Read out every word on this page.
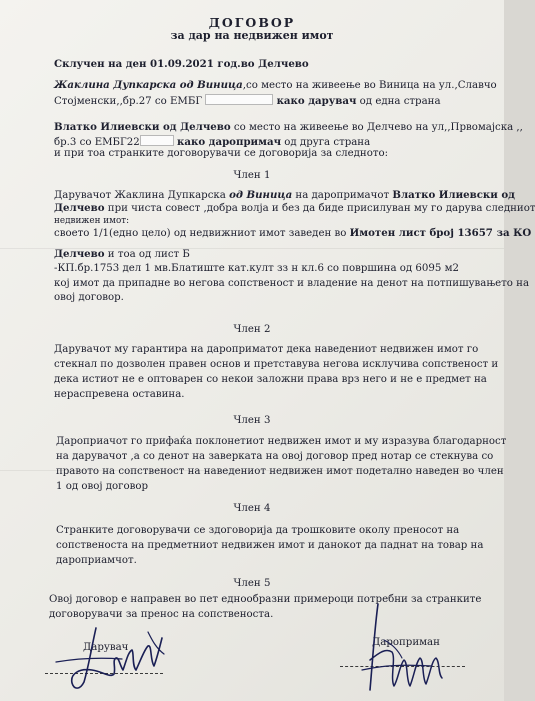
ДОГОВОР
за дар на недвижен имот
Склучен на ден 01.09.2021 год.во Делчево
Жаклина Дупкарска од Виница,со место на живеење во Виница на ул.,Славчо
Стојменски,,бр.27 со ЕМБГ	како дарувач од една страна
Влатко Илиевски од Делчево со место на живеење во Делчево на ул,,Првомајска ,,
бр.3 со ЕМБГ22	како даропримач од друга страна
и при тоа странките договорувачи се договорија за следното:
Член 1
Дарувачот Жаклина Дупкарска од Виница на даропримачот Влатко Илиевски од
Делчево при чиста совест ,добра волја и без да биде присилуван му го дарува следниот
недвижен имот:
своето 1/1(едно цело) од недвижниот имот заведен во Имотен лист број 13657 за КО
Делчево и тоа од лист Б
-КП.бр.1753 дел 1 мв.Блатиште кат.култ зз н кл.6 со површина од 6095 м2
кој имот да припадне во негова сопственост и владение на денот на потпишувањето на
овој договор.
Член 2
Дарувачот му гарантира на дароприматот дека наведениот недвижен имот го
стекнал по дозволен правен основ и претставува негова исклучива сопственост и
дека истиот не е оптоварен со некои заложни права врз него и не е предмет на
нераспревена оставина.
Член 3
Дароприачот го прифаќа поклонетиот недвижен имот и му изразува благодарност
на дарувачот ,а со денот на заверката на овој договор пред нотар се стекнува со
правото на сопственост на наведениот недвижен имот подетално наведен во член
1 од овој договор
Член 4
Странките договорувачи се здоговорија да трошковите околу преносот на
сопственоста на предметниот недвижен имот и данокот да паднат на товар на
дароприамчот.
Член 5
Овој договор е направен во пет еднообразни примероци потребни за странките
договорувачи за пренос на сопственоста.
Дарувач	Дароприман
